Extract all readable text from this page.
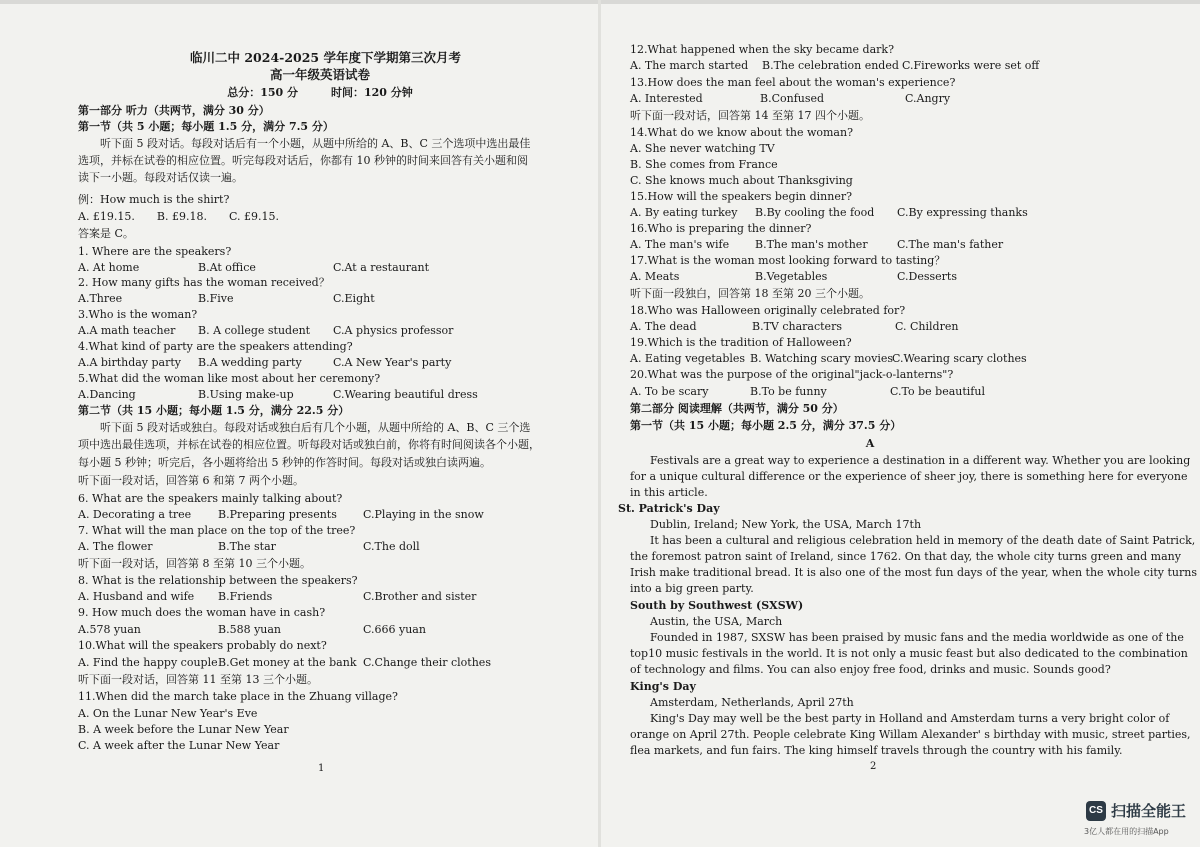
临川二中 2024-2025 学年度下学期第三次月考
高一年级英语试卷
总分：150 分　　　时间：120 分钟
第一部分 听力（共两节，满分 30 分）
第一节（共 5 小题；每小题 1.5 分，满分 7.5 分）
听下面 5 段对话。每段对话后有一个小题，从题中所给的 A、B、C 三个选项中选出最佳
选项，并标在试卷的相应位置。听完每段对话后，你都有 10 秒钟的时间来回答有关小题和阅
读下一小题。每段对话仅读一遍。
例：How much is the shirt?
A. £19.15.　　B. £9.18.　　C. £9.15.
答案是 C。
1. Where are the speakers?
A. At home	B.At office	C.At a restaurant
2. How many gifts has the woman received？
A.Three	B.Five	C.Eight
3.Who is the woman?
A.A math teacher B. A college student C.A physics professor
4.What kind of party are the speakers attending?
A.A birthday party B.A wedding party	C.A New Year's party
5.What did the woman like most about her ceremony?
A.Dancing	B.Using make-up	C.Wearing beautiful dress
第二节（共 15 小题；每小题 1.5 分，满分 22.5 分）
听下面 5 段对话或独白。每段对话或独白后有几个小题，从题中所给的 A、B、C 三个选
项中选出最佳选项，并标在试卷的相应位置。听每段对话或独白前，你将有时间阅读各个小题，
每小题 5 秒钟；听完后，各小题将给出 5 秒钟的作答时间。每段对话或独白读两遍。
听下面一段对话，回答第 6 和第 7 两个小题。
6. What are the speakers mainly talking about?
A. Decorating a tree B.Preparing presents C.Playing in the snow
7. What will the man place on the top of the tree?
A. The flower	B.The star	C.The doll
听下面一段对话，回答第 8 至第 10 三个小题。
8. What is the relationship between the speakers?
A. Husband and wife B.Friends	C.Brother and sister
9. How much does the woman have in cash?
A.578 yuan	B.588 yuan	C.666 yuan
10.What will the speakers probably do next?
A. Find the happy couple B.Get money at the bank C.Change their clothes
听下面一段对话，回答第 11 至第 13 三个小题。
11.When did the march take place in the Zhuang village?
A. On the Lunar New Year's Eve
B. A week before the Lunar New Year
C. A week after the Lunar New Year
1
12.What happened when the sky became dark?
A. The march started B.The celebration ended C.Fireworks were set off
13.How does the man feel about the woman's experience?
A. Interested	B.Confused	C.Angry
听下面一段对话，回答第 14 至第 17 四个小题。
14.What do we know about the woman?
A. She never watching TV
B. She comes from France
C. She knows much about Thanksgiving
15.How will the speakers begin dinner?
A. By eating turkey B.By cooling the food C.By expressing thanks
16.Who is preparing the dinner?
A. The man's wife B.The man's mother	C.The man's father
17.What is the woman most looking forward to tasting？
A. Meats	B.Vegetables	C.Desserts
听下面一段独白，回答第 18 至第 20 三个小题。
18.Who was Halloween originally celebrated for?
A. The dead	B.TV characters	C. Children
19.Which is the tradition of Halloween?
A. Eating vegetables B. Watching scary movies
C.Wearing scary clothes
20.What was the purpose of the original"jack-o-lanterns"?
A. To be scary	B.To be funny	C.To be beautiful
第二部分 阅读理解（共两节，满分 50 分）
第一节（共 15 小题；每小题 2.5 分，满分 37.5 分）
A
Festivals are a great way to experience a destination in a different way. Whether you are looking
for a unique cultural difference or the experience of sheer joy, there is something here for everyone
in this article.
St. Patrick's Day
Dublin, Ireland; New York, the USA, March 17th
It has been a cultural and religious celebration held in memory of the death date of Saint Patrick,
the foremost patron saint of Ireland, since 1762. On that day, the whole city turns green and many
Irish make traditional bread. It is also one of the most fun days of the year, when the whole city turns
into a big green party.
South by Southwest (SXSW)
Austin, the USA, March
Founded in 1987, SXSW has been praised by music fans and the media worldwide as one of the
top10 music festivals in the world. It is not only a music feast but also dedicated to the combination
of technology and films. You can also enjoy free food, drinks and music. Sounds good?
King's Day
Amsterdam, Netherlands, April 27th
King's Day may well be the best party in Holland and Amsterdam turns a very bright color of
orange on April 27th. People celebrate King Willam Alexander' s birthday with music, street parties,
flea markets, and fun fairs. The king himself travels through the country with his family.
2
CS 扫描全能王
3亿人都在用的扫描App
